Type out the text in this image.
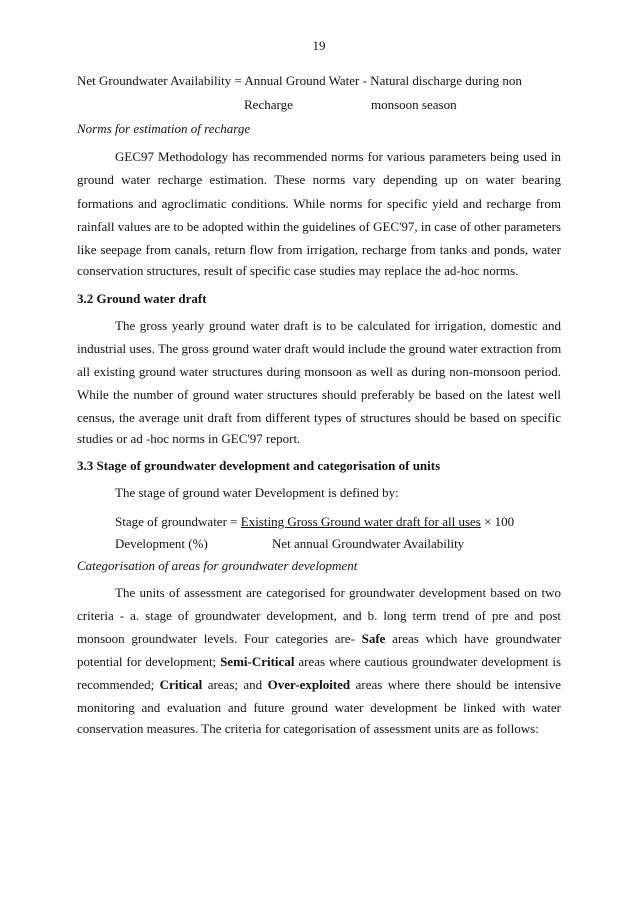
19
Net Groundwater Availability = Annual Ground Water - Natural discharge during non
Recharge	monsoon season
Norms for estimation of recharge
GEC97 Methodology has recommended norms for various parameters being used in
ground water recharge estimation. These norms vary depending up on water bearing
formations and agroclimatic conditions. While norms for specific yield and recharge from
rainfall values are to be adopted within the guidelines of GEC'97, in case of other parameters
like seepage from canals, return flow from irrigation, recharge from tanks and ponds, water
conservation structures, result of specific case studies may replace the ad-hoc norms.
3.2 Ground water draft
The gross yearly ground water draft is to be calculated for irrigation, domestic and
industrial uses. The gross ground water draft would include the ground water extraction from
all existing ground water structures during monsoon as well as during non-monsoon period.
While the number of ground water structures should preferably be based on the latest well
census, the average unit draft from different types of structures should be based on specific
studies or ad -hoc norms in GEC'97 report.
3.3 Stage of groundwater development and categorisation of units
The stage of ground water Development is defined by:
Stage of groundwater = Existing Gross Ground water draft for all uses × 100
Development (%)	Net annual Groundwater Availability
Categorisation of areas for groundwater development
The units of assessment are categorised for groundwater development based on two
criteria - a. stage of groundwater development, and b. long term trend of pre and post
monsoon groundwater levels. Four categories are- Safe areas which have groundwater
potential for development; Semi-Critical areas where cautious groundwater development is
recommended; Critical areas; and Over-exploited areas where there should be intensive
monitoring and evaluation and future ground water development be linked with water
conservation measures. The criteria for categorisation of assessment units are as follows:
